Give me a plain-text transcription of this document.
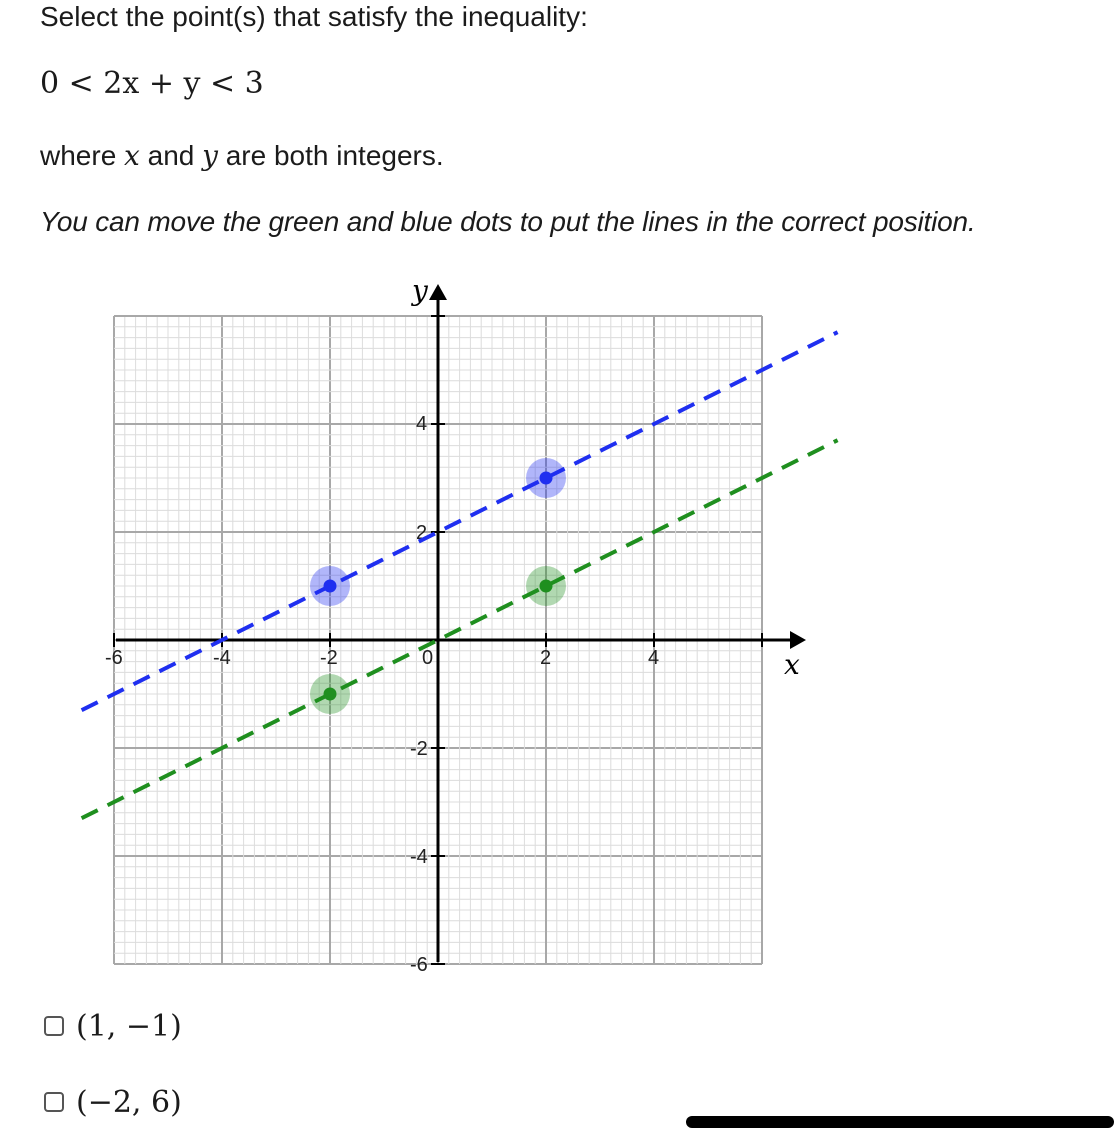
Select the point(s) that satisfy the inequality:
0 < 2x + y < 3
where x and y are both integers.
You can move the green and blue dots to put the lines in the correct position.
x
y
-6	-4	-2	0	2	4
4
2
-2
-4
-6
(1, −1)
(−2, 6)
